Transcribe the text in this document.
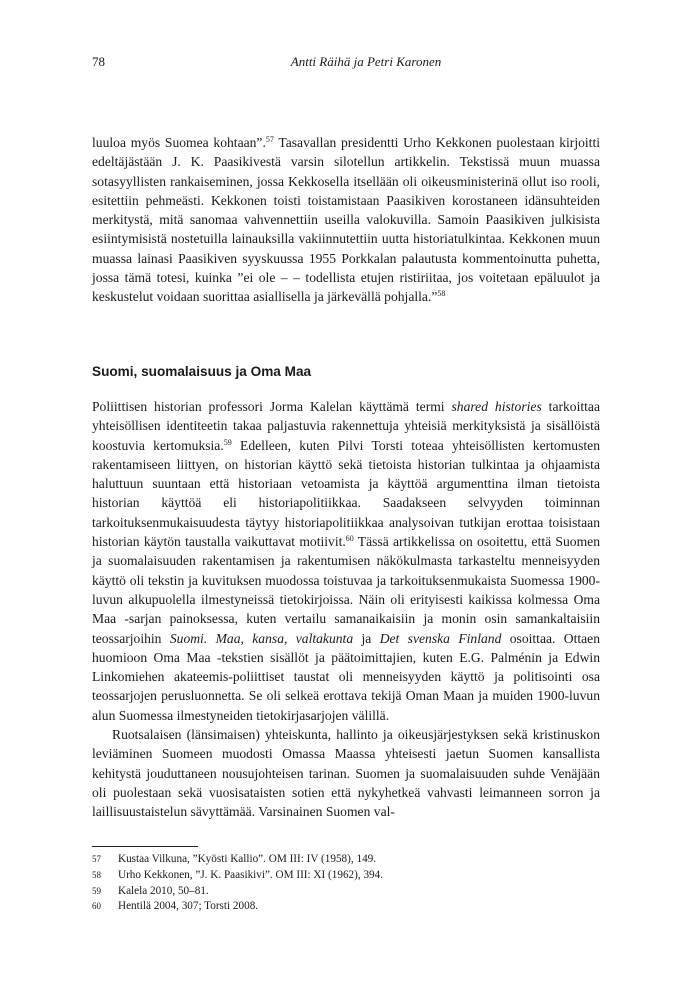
78	Antti Räihä ja Petri Karonen

luuloa myös Suomea kohtaan”.$^{57}$ Tasavallan presidentti Urho Kekkonen puolestaan kirjoitti edeltäjästään J. K. Paasikivestä varsin silotellun artikkelin. Tekstissä muun muassa sotasyyllisten rankaiseminen, jossa Kekkosella itsellään oli oikeusministerinä ollut iso rooli, esitettiin pehmeästi. Kekkonen toisti toistamistaan Paasikiven korostaneen idänsuhteiden merkitystä, mitä sanomaa vahvennettiin useilla valokuvilla. Samoin Paasikiven julkisista esiintymisistä nostetuilla lainauksilla vakiinnutettiin uutta historiatulkintaa. Kekkonen muun muassa lainasi Paasikiven syyskuussa 1955 Porkkalan palautusta kommentoinutta puhetta, jossa tämä totesi, kuinka ”ei ole – – todellista etujen ristiriitaa, jos voitetaan epäluulot ja keskustelut voidaan suorittaa asiallisella ja järkevällä pohjalla.”$^{58}$

Suomi, suomalaisuus ja Oma Maa

Poliittisen historian professori Jorma Kalelan käyttämä termi shared histories tarkoittaa yhteisöllisen identiteetin takaa paljastuvia rakennettuja yhteisiä merkityksistä ja sisällöistä koostuvia kertomuksia.$^{59}$ Edelleen, kuten Pilvi Torsti toteaa yhteisöllisten kertomusten rakentamiseen liittyen, on historian käyttö sekä tietoista historian tulkintaa ja ohjaamista haluttuun suuntaan että historiaan vetoamista ja käyttöä argumenttina ilman tietoista historian käyttöä eli historiapolitiikkaa. Saadakseen selvyyden toiminnan tarkoituksenmukaisuudesta täytyy historiapolitiikkaa analysoivan tutkijan erottaa toisistaan historian käytön taustalla vaikuttavat motiivit.$^{60}$ Tässä artikkelissa on osoitettu, että Suomen ja suomalaisuuden rakentamisen ja rakentumisen näkökulmasta tarkasteltu menneisyyden käyttö oli tekstin ja kuvituksen muodossa toistuvaa ja tarkoituksenmukaista Suomessa 1900-luvun alkupuolella ilmestyneissä tietokirjoissa. Näin oli erityisesti kaikissa kolmessa Oma Maa -sarjan painoksessa, kuten vertailu samanaikaisiin ja monin osin samankaltaisiin teossarjoihin Suomi. Maa, kansa, valtakunta ja Det svenska Finland osoittaa. Ottaen huomioon Oma Maa -tekstien sisällöt ja päätoimittajien, kuten E.G. Palménin ja Edwin Linkomiehen akateemis-poliittiset taustat oli menneisyyden käyttö ja politisointi osa teossarjojen perusluonnetta. Se oli selkeä erottava tekijä Oman Maan ja muiden 1900-luvun alun Suomessa ilmestyneiden tietokirjasarjojen välillä.

Ruotsalaisen (länsimaisen) yhteiskunta, hallinto ja oikeusjärjestyksen sekä kristinuskon leviäminen Suomeen muodosti Omassa Maassa yhteisesti jaetun Suomen kansallista kehitystä jouduttaneen nousujohteisen tarinan. Suomen ja suomalaisuuden suhde Venäjään oli puolestaan sekä vuosisataisten sotien että nykyhetkeä vahvasti leimanneen sorron ja laillisuustaistelun sävyttämää. Varsinainen Suomen val-

57	Kustaa Vilkuna, ”Kyösti Kallio”. OM III: IV (1958), 149.
58	Urho Kekkonen, ”J. K. Paasikivi”. OM III: XI (1962), 394.
59	Kalela 2010, 50–81.
60	Hentilä 2004, 307; Torsti 2008.
